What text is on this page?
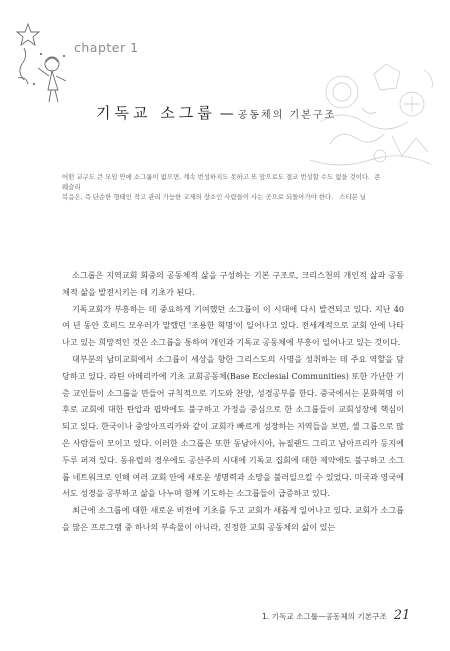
chapter 1
기독교 소그룹 — 공동체의 기본구조

어떤 교구도 큰 모임 안에 소그룹이 없으면, 계속 번성하지도 못하고 또 앞으로도 결코 번성할 수도 없을 것이다. 존 웨슬리

복음은, 즉 단순한 형태인 작고 관리 가능한 교제의 장소인 사람들이 사는 곳으로 되돌아가야 한다. 스티븐 닐

소그룹은 지역교회 회중의 공동체적 삶을 구성하는 기본 구조로, 크리스천의 개인적 삶과 공동체적 삶을 발전시키는 데 기초가 된다.

기독교회가 부흥하는 데 중요하게 기여했던 소그룹이 이 시대에 다시 발견되고 있다. 지난 40여 년 동안 호비드 모우러가 말했던 '조용한 혁명'이 일어나고 있다. 전세계적으로 교회 안에 나타나고 있는 희망적인 것은 소그룹을 통하여 개인과 기독교 공동체에 부흥이 일어나고 있는 것이다.

대부분의 남미교회에서 소그룹이 세상을 향한 그리스도의 사명을 성취하는 데 주요 역할을 담당하고 있다. 라틴 아메리카에 기초 교회공동체(Base Ecclesial Communities) 또한 가난한 기층 교인들이 소그룹을 만들어 규칙적으로 기도와 찬양, 성경공부를 한다. 중국에서는 문화혁명 이후로 교회에 대한 탄압과 핍박에도 불구하고 가정을 중심으로 한 소그룹들이 교회성장에 핵심이 되고 있다. 한국이나 중앙아프리카와 같이 교회가 빠르게 성장하는 지역들을 보면, 셀 그룹으로 많은 사람들이 모이고 있다. 이러한 소그룹은 또한 동남아시아, 뉴질랜드 그리고 남아프리카 등지에 두루 퍼져 있다. 동유럽의 경우에도 공산주의 시대에 기독교 집회에 대한 제약에도 불구하고 소그룹 네트워크로 인해 여러 교회 안에 새로운 생명력과 소망을 불러일으킬 수 있었다. 미국과 영국에서도 성경을 공부하고 삶을 나누며 함께 기도하는 소그룹들이 급증하고 있다.

최근에 소그룹에 대한 새로운 비전에 기초를 두고 교회가 새롭게 일어나고 있다. 교회가 소그룹을 많은 프로그램 중 하나의 부속물이 아니라, 진정한 교회 공동체의 삶이 있는

1. 기독교 소그룹—공동체의 기본구조 21
